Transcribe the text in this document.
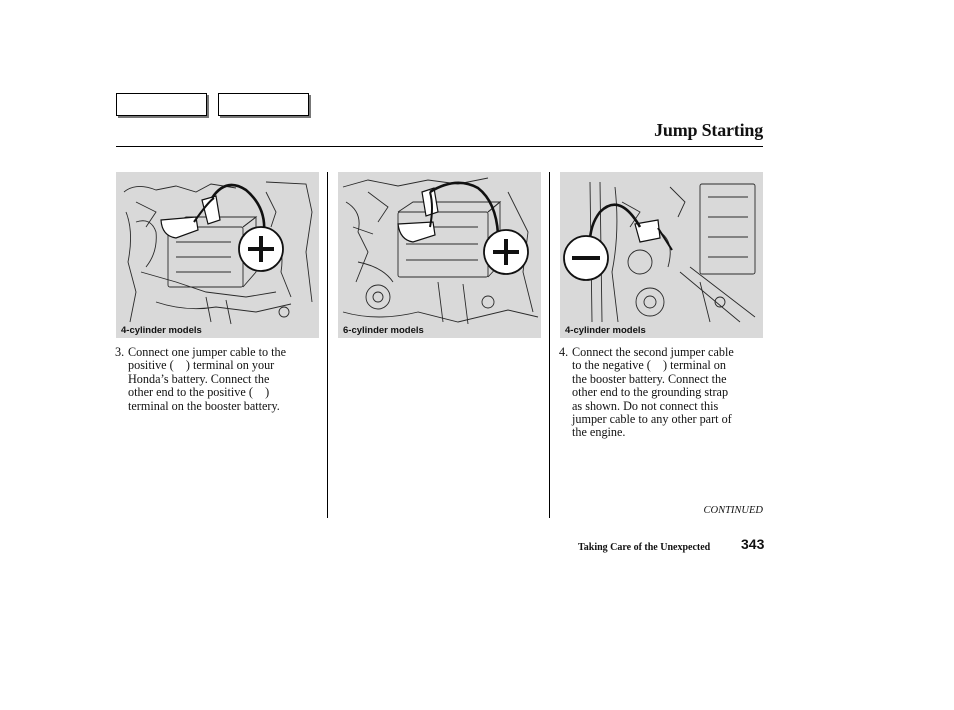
Jump Starting
4-cylinder models	6-cylinder models	4-cylinder models
3. Connect one jumper cable to the
positive (    ) terminal on your
Honda’s battery. Connect the
other end to the positive (    )
terminal on the booster battery.
4. Connect the second jumper cable
to the negative (    ) terminal on
the booster battery. Connect the
other end to the grounding strap
as shown. Do not connect this
jumper cable to any other part of
the engine.
CONTINUED
Taking Care of the Unexpected 343
